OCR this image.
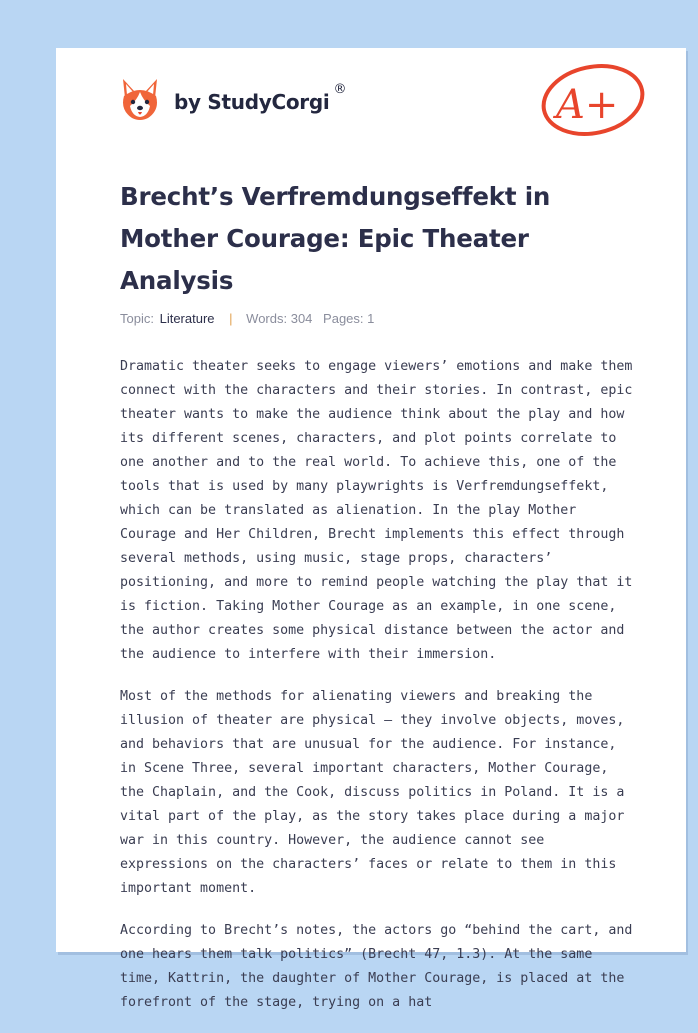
by StudyCorgi
®	A+
Brecht’s Verfremdungseffekt in Mother Courage: Epic Theater Analysis
Topic: Literature | Words: 304 Pages: 1

Dramatic theater seeks to engage viewers’ emotions and make them connect with the characters and their stories. In contrast, epic theater wants to make the audience think about the play and how its different scenes, characters, and plot points correlate to one another and to the real world. To achieve this, one of the tools that is used by many playwrights is Verfremdungseffekt, which can be translated as alienation. In the play Mother Courage and Her Children, Brecht implements this effect through several methods, using music, stage props, characters’ positioning, and more to remind people watching the play that it is fiction. Taking Mother Courage as an example, in one scene, the author creates some physical distance between the actor and the audience to interfere with their immersion.

Most of the methods for alienating viewers and breaking the illusion of theater are physical – they involve objects, moves, and behaviors that are unusual for the audience. For instance, in Scene Three, several important characters, Mother Courage, the Chaplain, and the Cook, discuss politics in Poland. It is a vital part of the play, as the story takes place during a major war in this country. However, the audience cannot see expressions on the characters’ faces or relate to them in this important moment.

According to Brecht’s notes, the actors go “behind the cart, and one hears them talk politics” (Brecht 47, 1.3). At the same time, Kattrin, the daughter of Mother Courage, is placed at the forefront of the stage, trying on a hat
